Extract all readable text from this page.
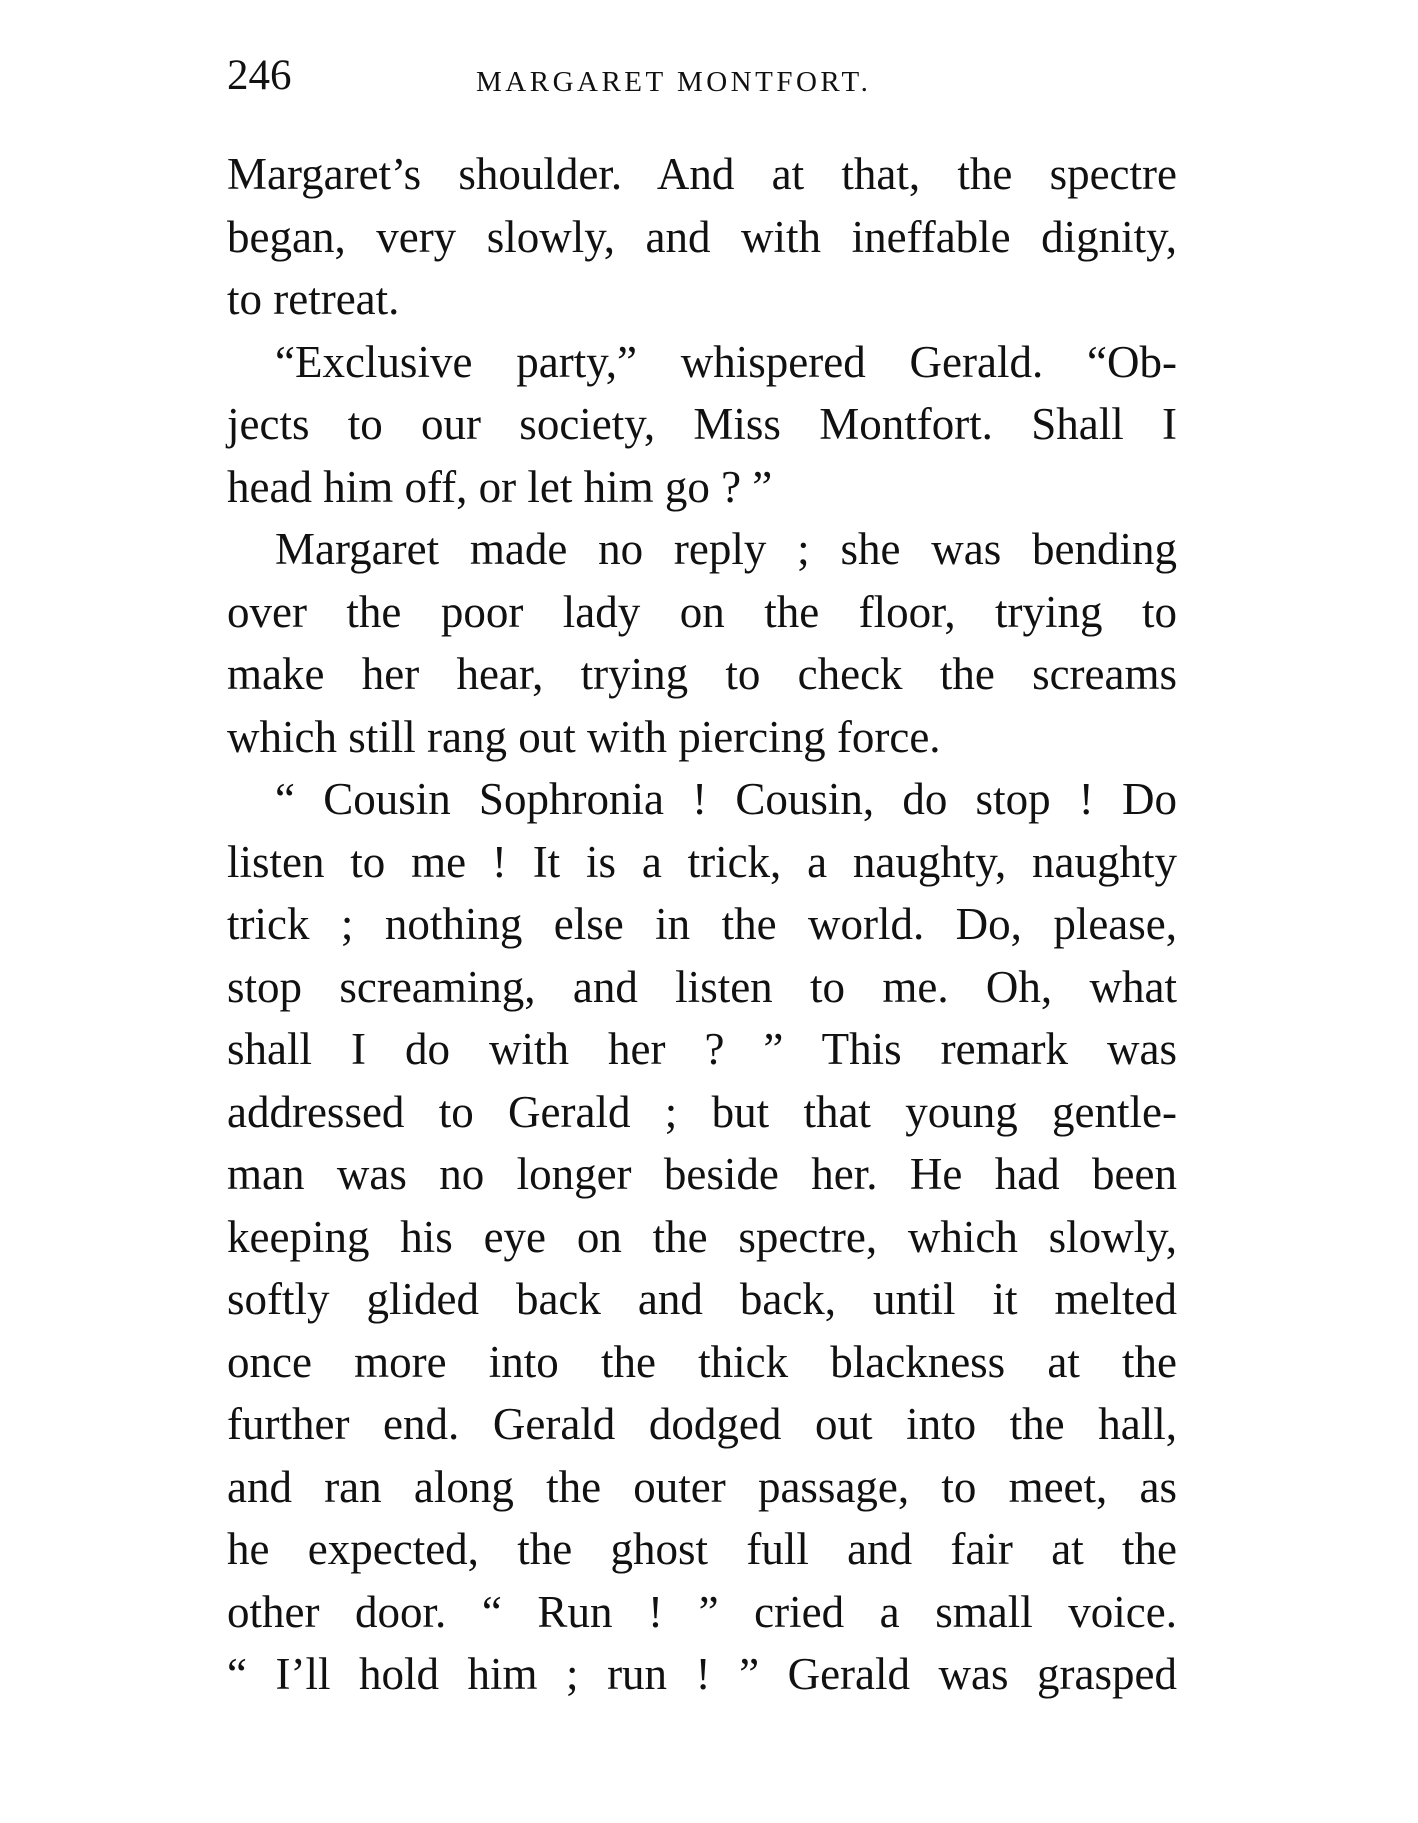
246	MARGARET MONTFORT.
Margaret’s shoulder. And at that, the spectre
began, very slowly, and with ineffable dignity,
to retreat.
“Exclusive party,” whispered Gerald. “Ob-
jects to our society, Miss Montfort. Shall I
head him off, or let him go ? ”
Margaret made no reply ; she was bending
over the poor lady on the floor, trying to
make her hear, trying to check the screams
which still rang out with piercing force.
“ Cousin Sophronia ! Cousin, do stop ! Do
listen to me ! It is a trick, a naughty, naughty
trick ; nothing else in the world. Do, please,
stop screaming, and listen to me. Oh, what
shall I do with her ? ” This remark was
addressed to Gerald ; but that young gentle-
man was no longer beside her. He had been
keeping his eye on the spectre, which slowly,
softly glided back and back, until it melted
once more into the thick blackness at the
further end. Gerald dodged out into the hall,
and ran along the outer passage, to meet, as
he expected, the ghost full and fair at the
other door. “ Run ! ” cried a small voice.
“ I’ll hold him ; run ! ” Gerald was grasped
